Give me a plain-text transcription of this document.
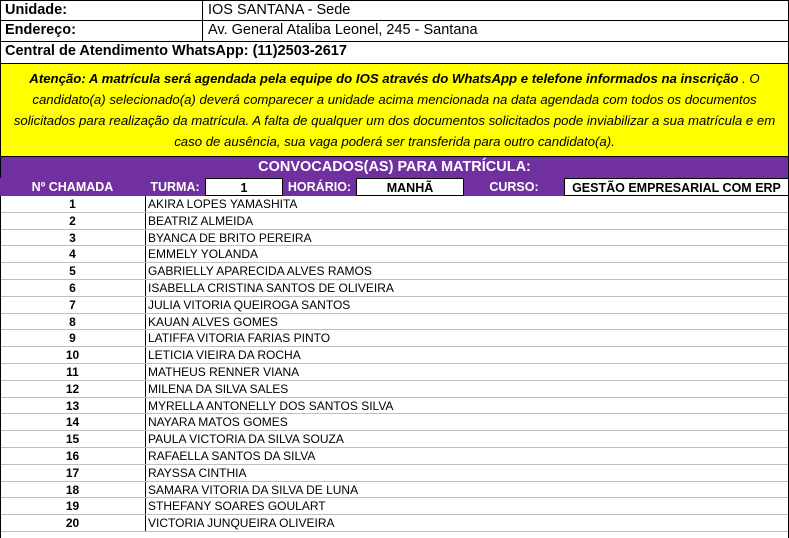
Unidade:	IOS SANTANA - Sede
Endereço:	Av. General Ataliba Leonel, 245 - Santana
Central de Atendimento WhatsApp: (11)2503-2617
Atenção: A matrícula será agendada pela equipe do IOS através do WhatsApp e telefone informados na inscrição . O candidato(a) selecionado(a) deverá comparecer a unidade acima mencionada na data agendada com todos os documentos solicitados para realização da matrícula. A falta de qualquer um dos documentos solicitados pode inviabilizar a sua matrícula e em caso de ausência, sua vaga poderá ser transferida para outro candidato(a).
CONVOCADOS(AS) PARA MATRÍCULA:
Nº CHAMADA	TURMA:	1	HORÁRIO:	MANHÃ	CURSO:	GESTÃO EMPRESARIAL COM ERP
1	AKIRA LOPES YAMASHITA
2	BEATRIZ ALMEIDA
3	BYANCA DE BRITO PEREIRA
4	EMMELY YOLANDA
5	GABRIELLY APARECIDA ALVES RAMOS
6	ISABELLA CRISTINA SANTOS DE OLIVEIRA
7	JULIA VITORIA QUEIROGA SANTOS
8	KAUAN ALVES GOMES
9	LATIFFA VITORIA FARIAS PINTO
10	LETICIA VIEIRA DA ROCHA
11	MATHEUS RENNER VIANA
12	MILENA DA SILVA SALES
13	MYRELLA ANTONELLY DOS SANTOS SILVA
14	NAYARA MATOS GOMES
15	PAULA VICTORIA DA SILVA SOUZA
16	RAFAELLA SANTOS DA SILVA
17	RAYSSA CINTHIA
18	SAMARA VITORIA DA SILVA DE LUNA
19	STHEFANY SOARES GOULART
20	VICTORIA JUNQUEIRA OLIVEIRA
